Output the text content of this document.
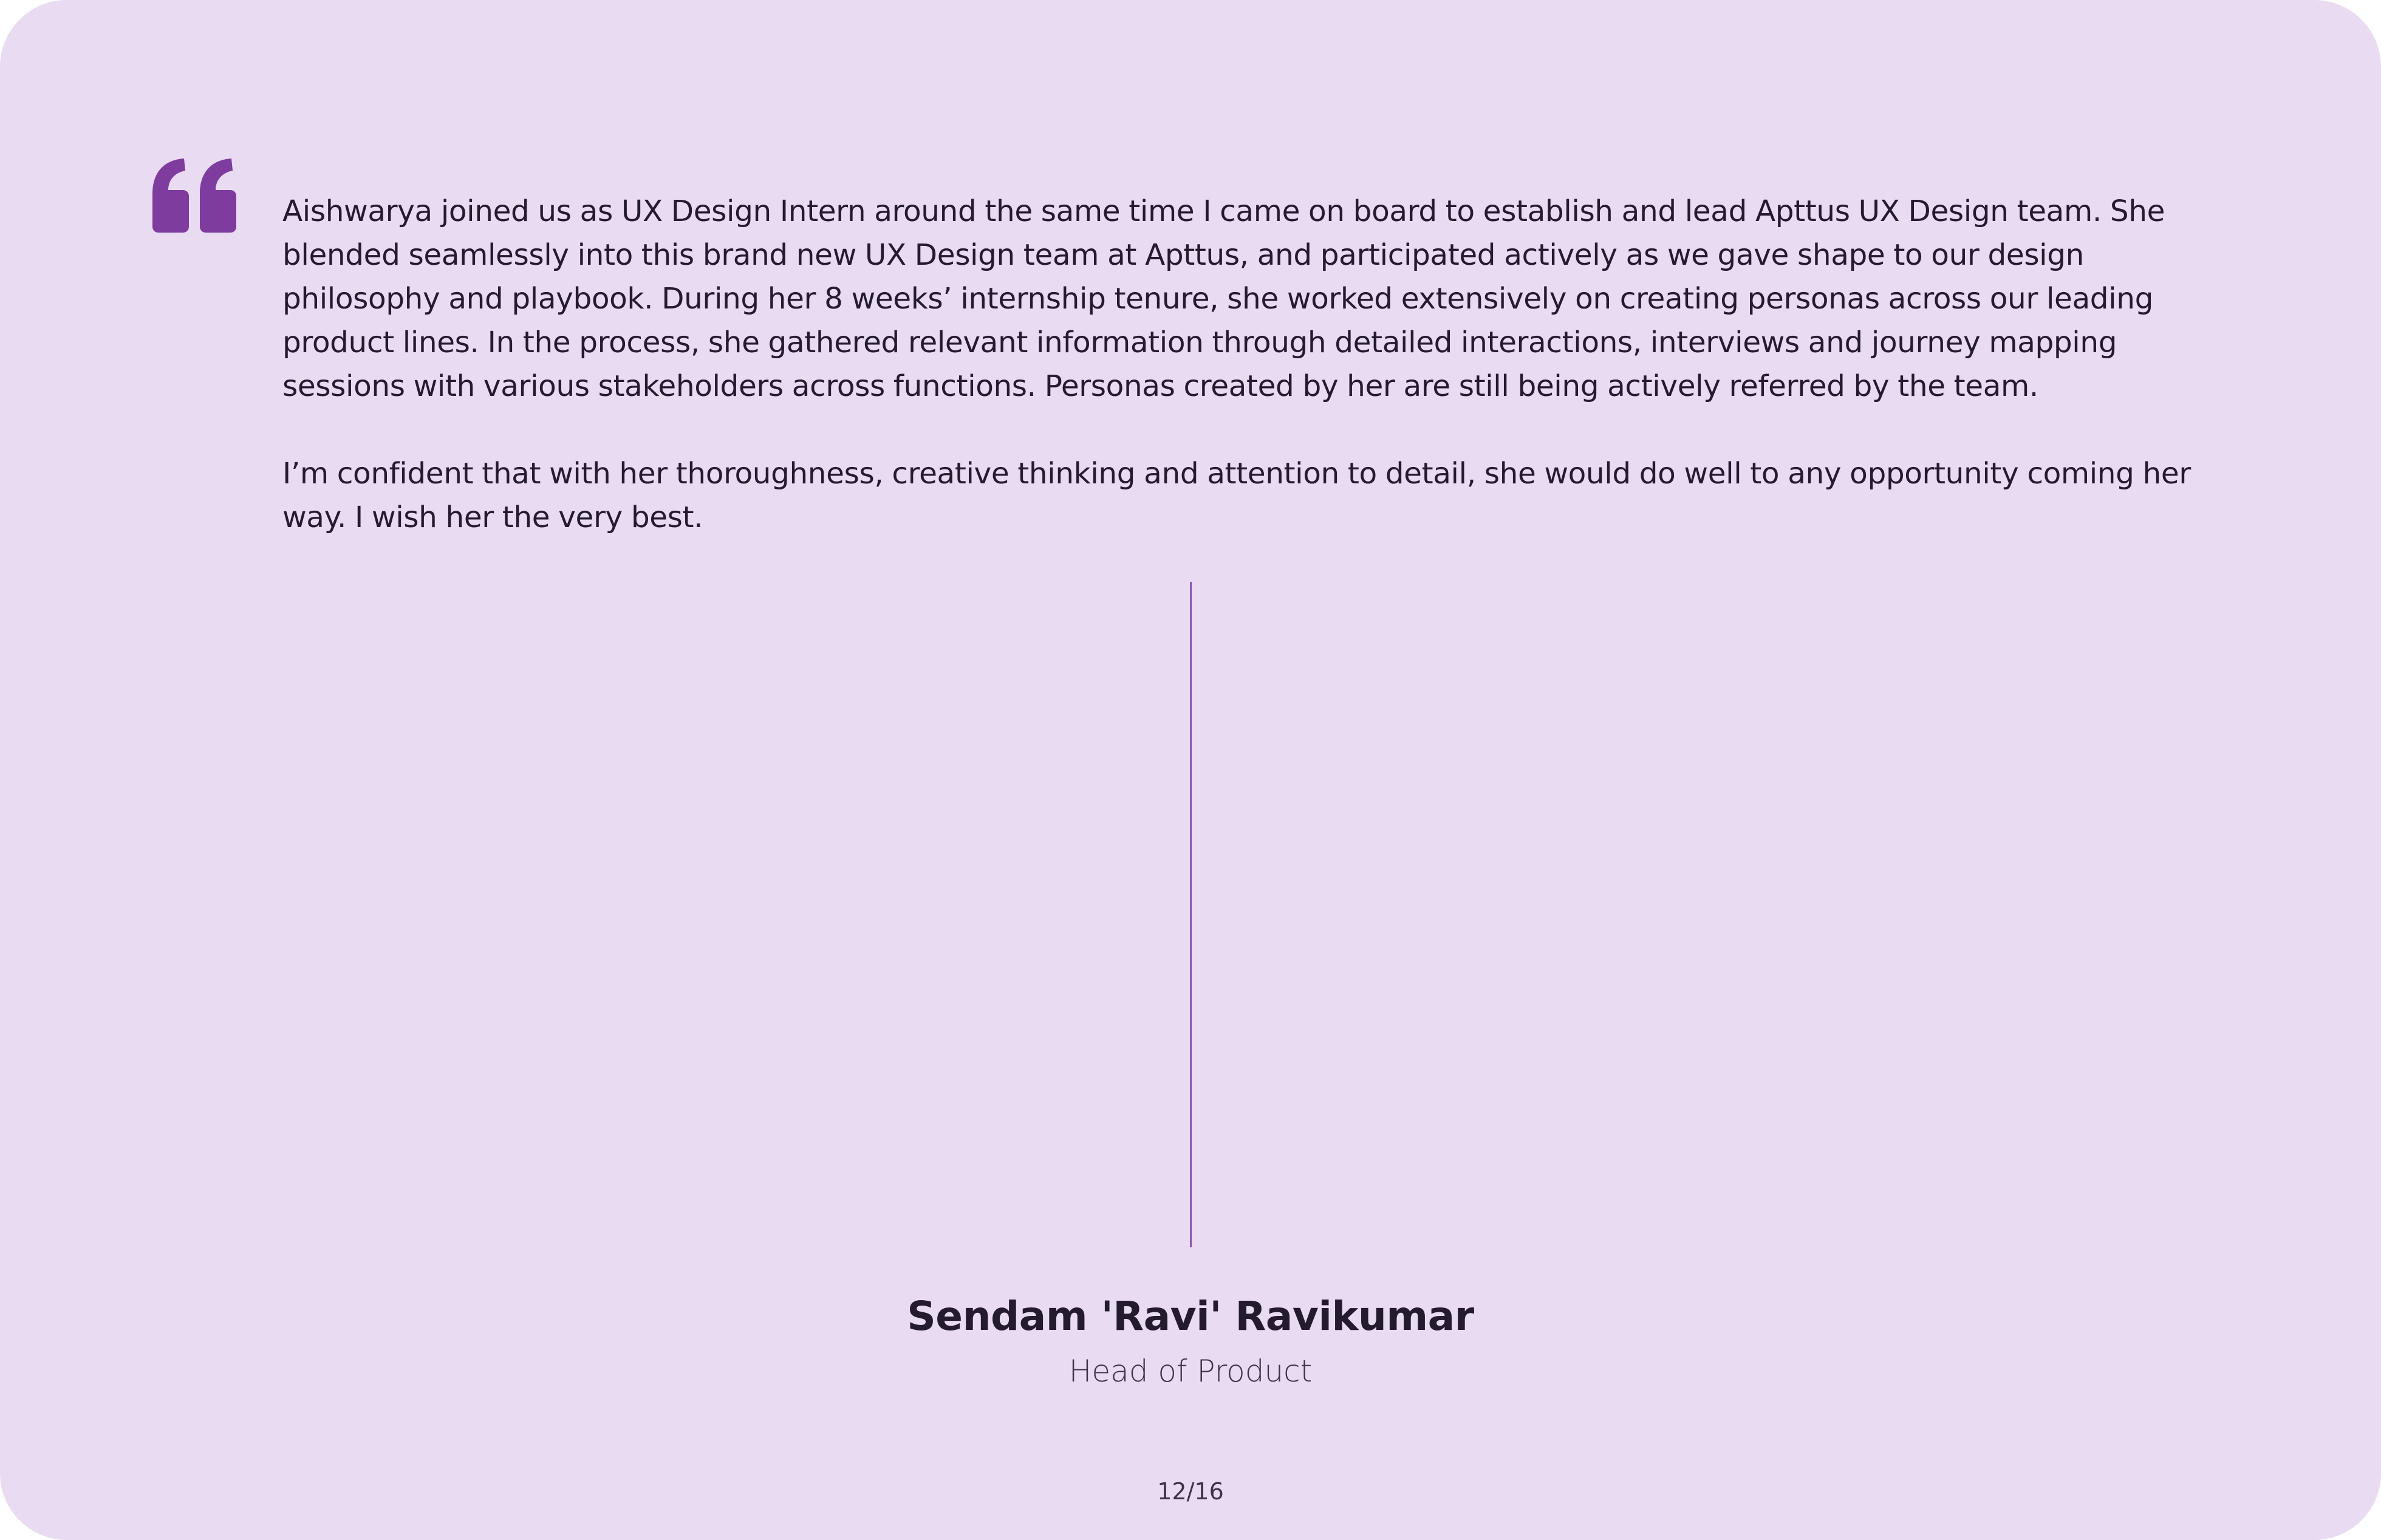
Aishwarya joined us as UX Design Intern around the same time I came on board to establish and lead Apttus UX Design team. She blended seamlessly into this brand new UX Design team at Apttus, and participated actively as we gave shape to our design philosophy and playbook. During her 8 weeks’ internship tenure, she worked extensively on creating personas across our leading product lines. In the process, she gathered relevant information through detailed interactions, interviews and journey mapping sessions with various stakeholders across functions. Personas created by her are still being actively referred by the team.

I’m confident that with her thoroughness, creative thinking and attention to detail, she would do well to any opportunity coming her way. I wish her the very best.

Sendam 'Ravi' Ravikumar
Head of Product
12/16
